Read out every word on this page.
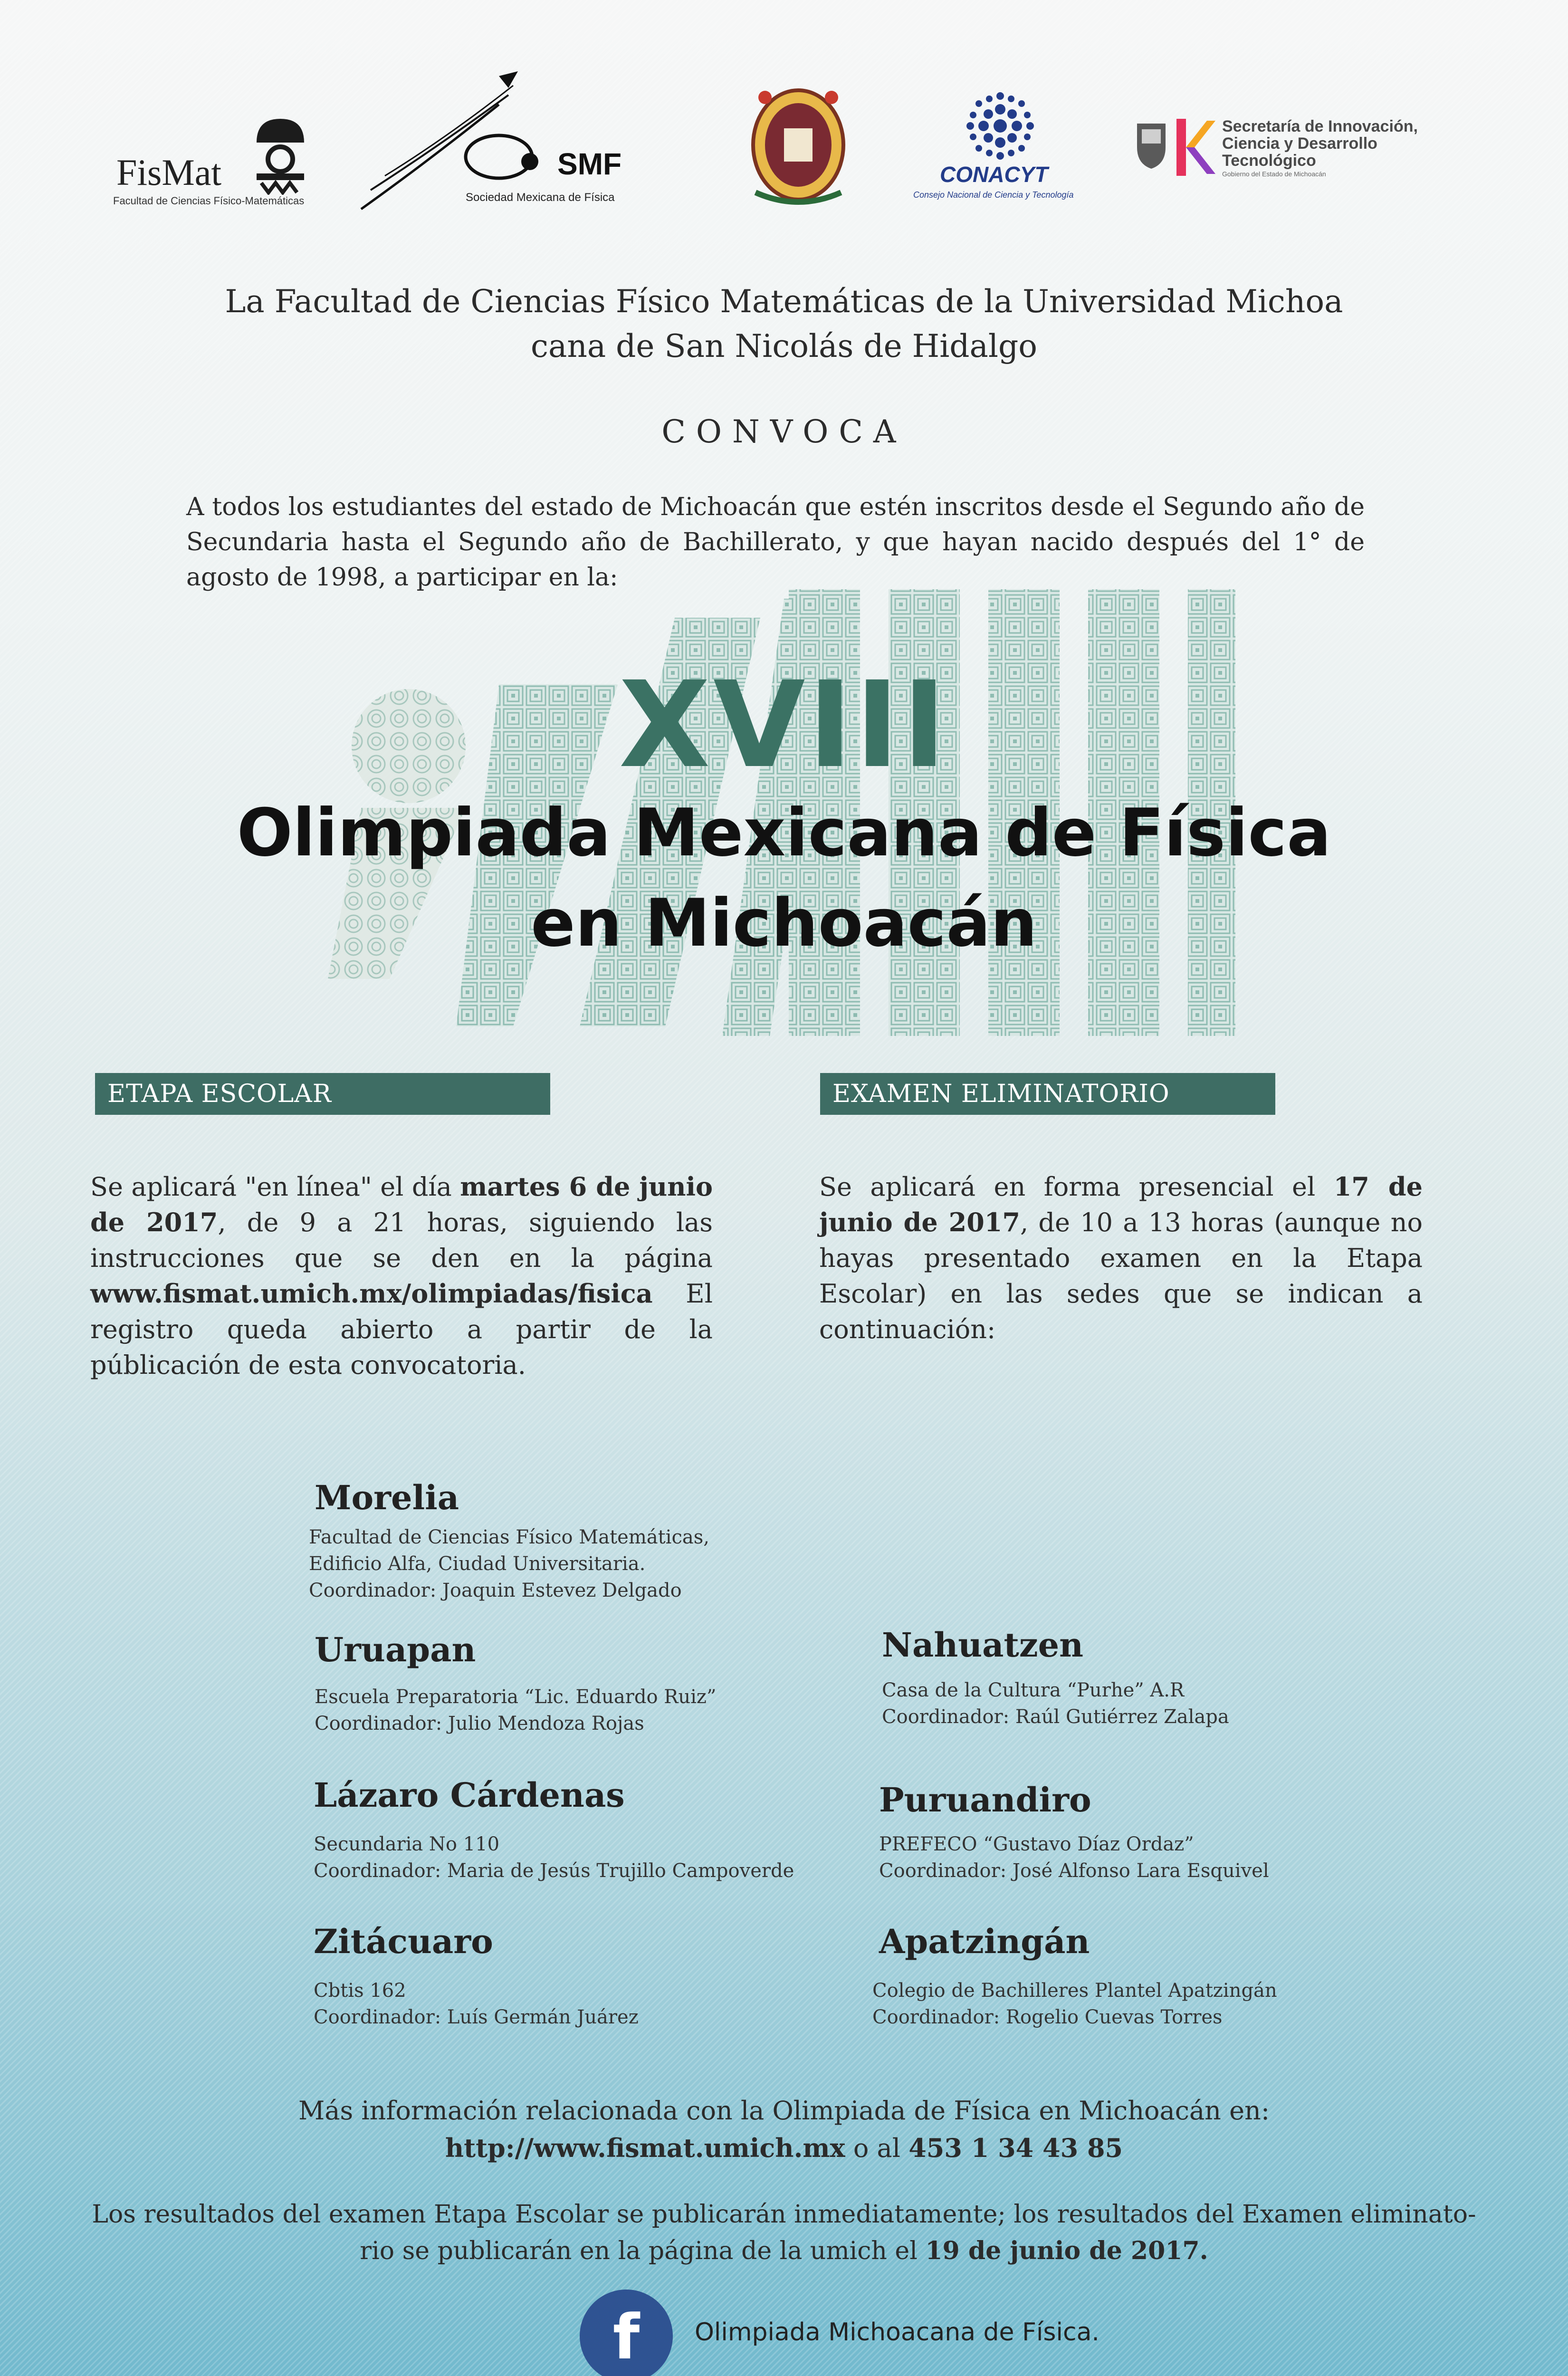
FisMat
Facultad de Ciencias Físico-Matemáticas
SMF
Sociedad Mexicana de Física
CONACYT
Consejo Nacional de Ciencia y Tecnología
Secretaría de Innovación, Ciencia y Desarrollo Tecnológico
Gobierno del Estado de Michoacán
La Facultad de Ciencias Físico Matemáticas de la Universidad Michoa
cana de San Nicolás de Hidalgo
CONVOCA
A todos los estudiantes del estado de Michoacán que estén inscritos desde el Segundo año de Secundaria hasta el Segundo año de Bachillerato, y que hayan nacido después del 1° de agosto de 1998, a participar en la:
XVIII
Olimpiada Mexicana de Física
en Michoacán
ETAPA ESCOLAR	EXAMEN ELIMINATORIO
Se aplicará "en línea" el día martes 6 de junio de 2017, de 9 a 21 horas, siguiendo las instrucciones que se den en la página www.fismat.umich.mx/olimpiadas/fisica El registro queda abierto a partir de la públicación de esta convocatoria.
Se aplicará en forma presencial el 17 de junio de 2017, de 10 a 13 horas (aunque no hayas presentado examen en la Etapa Escolar) en las sedes que se indican a continuación:
Morelia
Facultad de Ciencias Físico Matemáticas,
Edificio Alfa, Ciudad Universitaria.
Coordinador: Joaquin Estevez Delgado
Uruapan
Escuela Preparatoria “Lic. Eduardo Ruiz”
Coordinador: Julio Mendoza Rojas
Nahuatzen
Casa de la Cultura “Purhe” A.R
Coordinador: Raúl Gutiérrez Zalapa
Lázaro Cárdenas
Secundaria No 110
Coordinador: Maria de Jesús Trujillo Campoverde
Puruandiro
PREFECO “Gustavo Díaz Ordaz”
Coordinador: José Alfonso Lara Esquivel
Zitácuaro
Cbtis 162
Coordinador: Luís Germán Juárez
Apatzingán
Colegio de Bachilleres Plantel Apatzingán
Coordinador: Rogelio Cuevas Torres
Más información relacionada con la Olimpiada de Física en Michoacán en:
http://www.fismat.umich.mx o al 453 1 34 43 85
Los resultados del examen Etapa Escolar se publicarán inmediatamente; los resultados del Examen eliminato-
rio se publicarán en la página de la umich el 19 de junio de 2017.
f	Olimpiada Michoacana de Física.
